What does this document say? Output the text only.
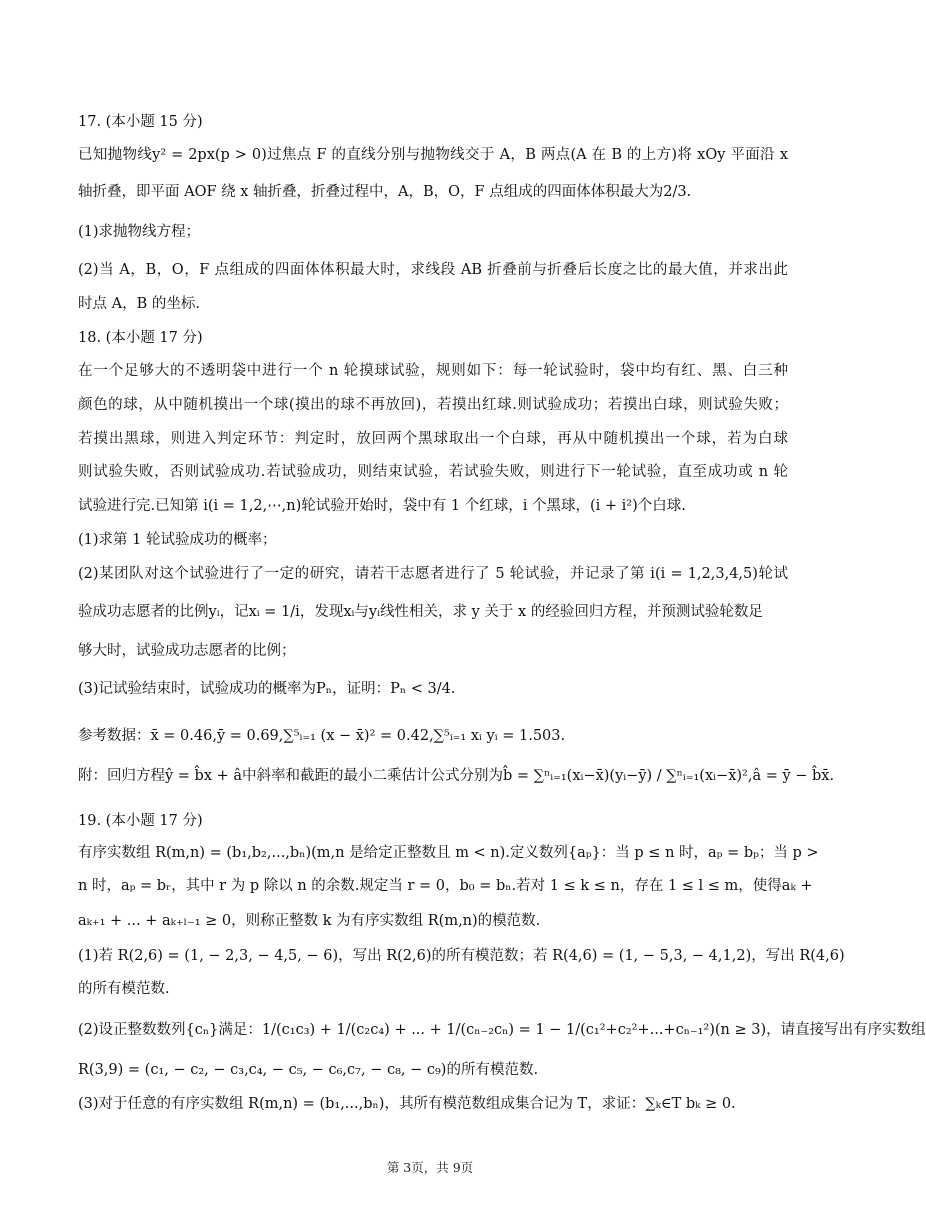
17. (本小题 15 分)
已知抛物线y² = 2px(p > 0)过焦点 F 的直线分别与抛物线交于 A，B 两点(A 在 B 的上方)将 xOy 平面沿 x
轴折叠，即平面 AOF 绕 x 轴折叠，折叠过程中，A，B，O，F 点组成的四面体体积最大为2/3.
(1)求抛物线方程；
(2)当 A，B，O，F 点组成的四面体体积最大时，求线段 AB 折叠前与折叠后长度之比的最大值，并求出此
时点 A，B 的坐标.
18. (本小题 17 分)
在一个足够大的不透明袋中进行一个 n 轮摸球试验，规则如下：每一轮试验时，袋中均有红、黑、白三种
颜色的球，从中随机摸出一个球(摸出的球不再放回)，若摸出红球.则试验成功；若摸出白球，则试验失败；
若摸出黑球，则进入判定环节：判定时，放回两个黑球取出一个白球，再从中随机摸出一个球，若为白球
则试验失败，否则试验成功.若试验成功，则结束试验，若试验失败，则进行下一轮试验，直至成功或 n 轮
试验进行完.已知第 i(i = 1,2,⋯,n)轮试验开始时，袋中有 1 个红球，i 个黑球，(i + i²)个白球.
(1)求第 1 轮试验成功的概率；
(2)某团队对这个试验进行了一定的研究，请若干志愿者进行了 5 轮试验，并记录了第 i(i = 1,2,3,4,5)轮试
验成功志愿者的比例yᵢ，记xᵢ = 1/i，发现xᵢ与yᵢ线性相关，求 y 关于 x 的经验回归方程，并预测试验轮数足
够大时，试验成功志愿者的比例；
(3)记试验结束时，试验成功的概率为Pₙ，证明：Pₙ < 3/4.
参考数据：x̄ = 0.46,ȳ = 0.69,∑⁵ᵢ₌₁ (x − x̄)² = 0.42,∑⁵ᵢ₌₁ xᵢ yᵢ = 1.503.
附：回归方程ŷ = b̂x + â中斜率和截距的最小二乘估计公式分别为b̂ = ∑ⁿᵢ₌₁(xᵢ−x̄)(yᵢ−ȳ) / ∑ⁿᵢ₌₁(xᵢ−x̄)²,â = ȳ − b̂x̄.
19. (本小题 17 分)
有序实数组 R(m,n) = (b₁,b₂,...,bₙ)(m,n 是给定正整数且 m < n).定义数列{aₚ}：当 p ≤ n 时，aₚ = bₚ；当 p >
n 时，aₚ = bᵣ，其中 r 为 p 除以 n 的余数.规定当 r = 0，b₀ = bₙ.若对 1 ≤ k ≤ n，存在 1 ≤ l ≤ m，使得aₖ +
aₖ₊₁ + ... + aₖ₊ₗ₋₁ ≥ 0，则称正整数 k 为有序实数组 R(m,n)的模范数.
(1)若 R(2,6) = (1, − 2,3, − 4,5, − 6)，写出 R(2,6)的所有模范数；若 R(4,6) = (1, − 5,3, − 4,1,2)，写出 R(4,6)
的所有模范数.
(2)设正整数数列{cₙ}满足：1/(c₁c₃) + 1/(c₂c₄) + ... + 1/(cₙ₋₂cₙ) = 1 − 1/(c₁²+c₂²+...+cₙ₋₁²)(n ≥ 3)，请直接写出有序实数组
R(3,9) = (c₁, − c₂, − c₃,c₄, − c₅, − c₆,c₇, − c₈, − c₉)的所有模范数.
(3)对于任意的有序实数组 R(m,n) = (b₁,...,bₙ)，其所有模范数组成集合记为 T，求证：∑ₖ∈T bₖ ≥ 0.
第 3页，共 9页
